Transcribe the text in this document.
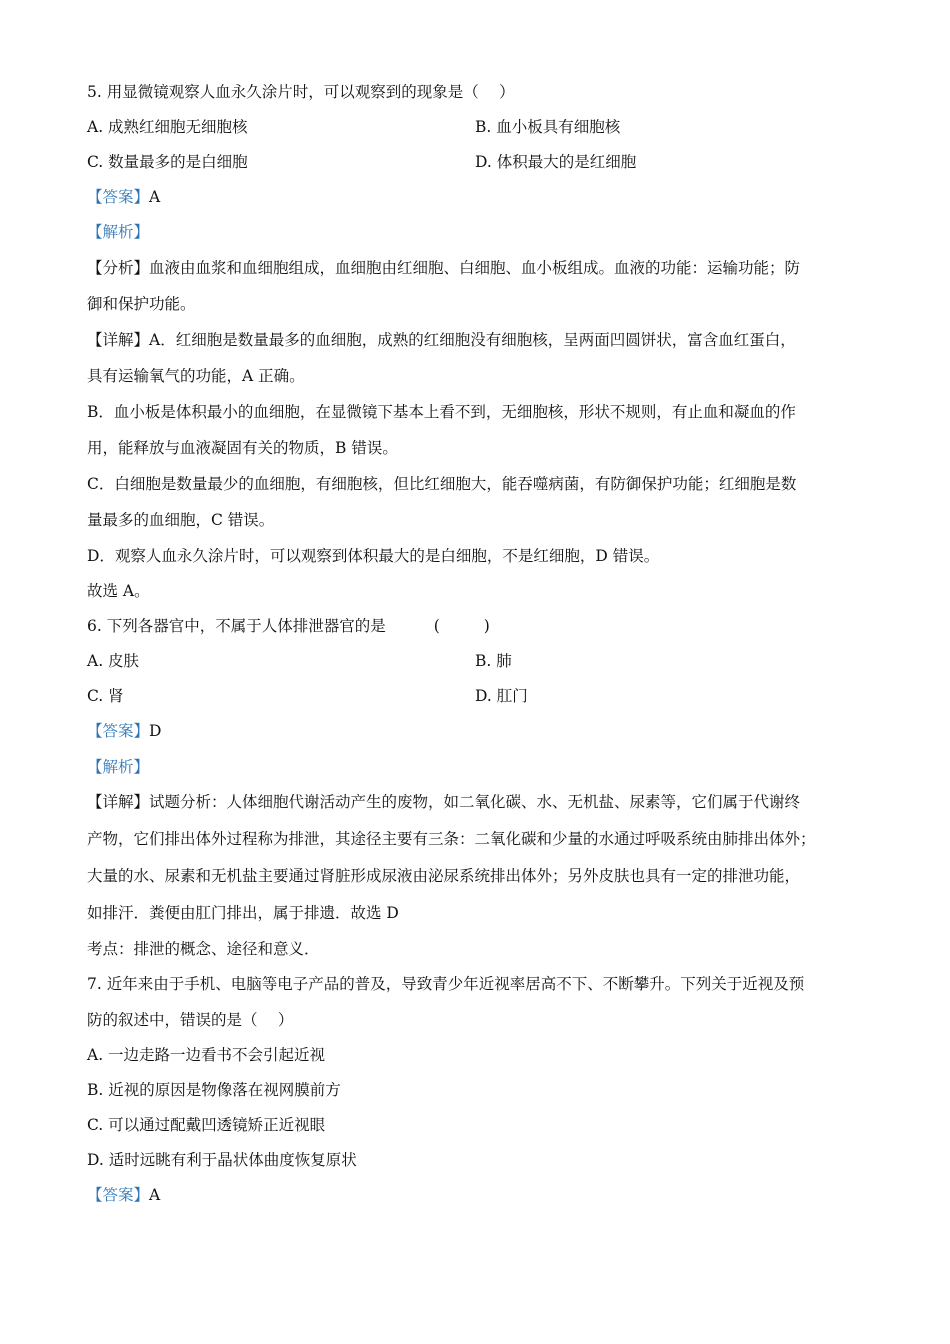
5. 用显微镜观察人血永久涂片时，可以观察到的现象是（　 ）
A. 成熟红细胞无细胞核	B. 血小板具有细胞核
C. 数量最多的是白细胞	D. 体积最大的是红细胞
【答案】A
【解析】
【分析】血液由血浆和血细胞组成，血细胞由红细胞、白细胞、血小板组成。血液的功能：运输功能；防
御和保护功能。
【详解】A．红细胞是数量最多的血细胞，成熟的红细胞没有细胞核，呈两面凹圆饼状，富含血红蛋白，
具有运输氧气的功能，A 正确。
B．血小板是体积最小的血细胞，在显微镜下基本上看不到，无细胞核，形状不规则，有止血和凝血的作
用，能释放与血液凝固有关的物质，B 错误。
C．白细胞是数量最少的血细胞，有细胞核，但比红细胞大，能吞噬病菌，有防御保护功能；红细胞是数
量最多的血细胞，C 错误。
D．观察人血永久涂片时，可以观察到体积最大的是白细胞，不是红细胞，D 错误。
故选 A。
6. 下列各器官中，不属于人体排泄器官的是	(	)
A. 皮肤	B. 肺
C. 肾	D. 肛门
【答案】D
【解析】
【详解】试题分析：人体细胞代谢活动产生的废物，如二氧化碳、水、无机盐、尿素等，它们属于代谢终
产物，它们排出体外过程称为排泄，其途径主要有三条：二氧化碳和少量的水通过呼吸系统由肺排出体外；
大量的水、尿素和无机盐主要通过肾脏形成尿液由泌尿系统排出体外；另外皮肤也具有一定的排泄功能，
如排汗．粪便由肛门排出，属于排遗．故选 D
考点：排泄的概念、途径和意义．
7. 近年来由于手机、电脑等电子产品的普及，导致青少年近视率居高不下、不断攀升。下列关于近视及预
防的叙述中，错误的是（　 ）
A. 一边走路一边看书不会引起近视
B. 近视的原因是物像落在视网膜前方
C. 可以通过配戴凹透镜矫正近视眼
D. 适时远眺有利于晶状体曲度恢复原状
【答案】A
